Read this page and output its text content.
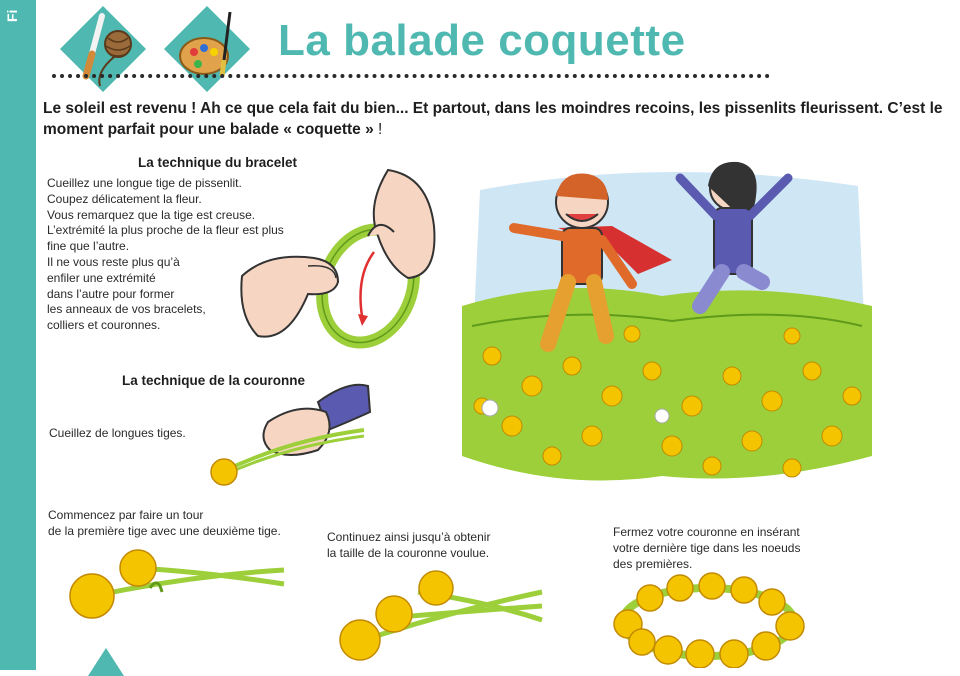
Fi
La balade coquette

Le soleil est revenu ! Ah ce que cela fait du bien... Et partout, dans les moindres recoins, les pissenlits fleurissent. C’est le moment parfait pour une balade « coquette » !

La technique du bracelet
Cueillez une longue tige de pissenlit.
Coupez délicatement la fleur.
Vous remarquez que la tige est creuse.
L’extrémité la plus proche de la fleur est plus
fine que l’autre.
Il ne vous reste plus qu’à
enfiler une extrémité
dans l’autre pour former
les anneaux de vos bracelets,
colliers et couronnes.
La technique de la couronne
Cueillez de longues tiges.
Commencez par faire un tour
de la première tige avec une deuxième tige.	Continuez ainsi jusqu’à obtenir
la taille de la couronne voulue.
Fermez votre couronne en insérant
votre dernière tige dans les noeuds
des premières.
